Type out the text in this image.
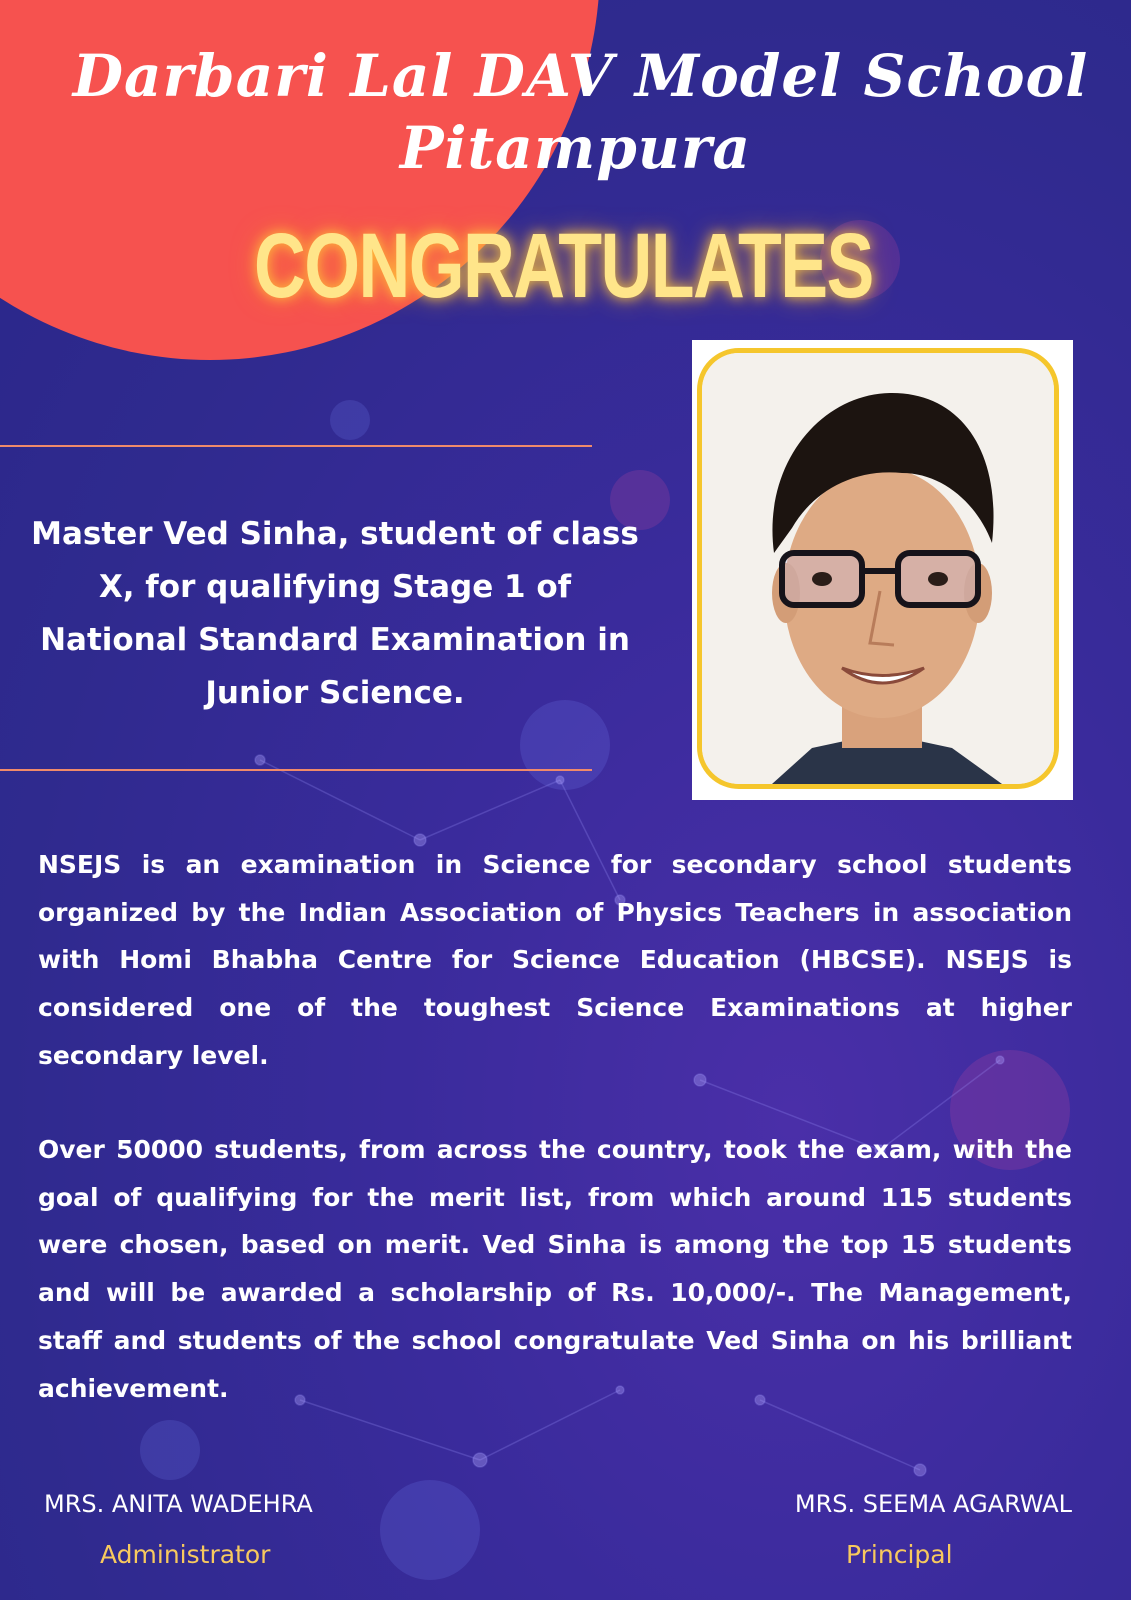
Darbari Lal DAV Model School
Pitampura
CONGRATULATES
Master Ved Sinha, student of class X, for qualifying Stage 1 of National Standard Examination in Junior Science.
NSEJS is an examination in Science for secondary school students organized by the Indian Association of Physics Teachers in association with Homi Bhabha Centre for Science Education (HBCSE). NSEJS is considered one of the toughest Science Examinations at higher secondary level.
Over 50000 students, from across the country, took the exam, with the goal of qualifying for the merit list, from which around 115 students were chosen, based on merit. Ved Sinha is among the top 15 students and will be awarded a scholarship of Rs. 10,000/-. The Management, staff and students of the school congratulate Ved Sinha on his brilliant achievement.
MRS. ANITA WADEHRA
Administrator
MRS. SEEMA AGARWAL
Principal
